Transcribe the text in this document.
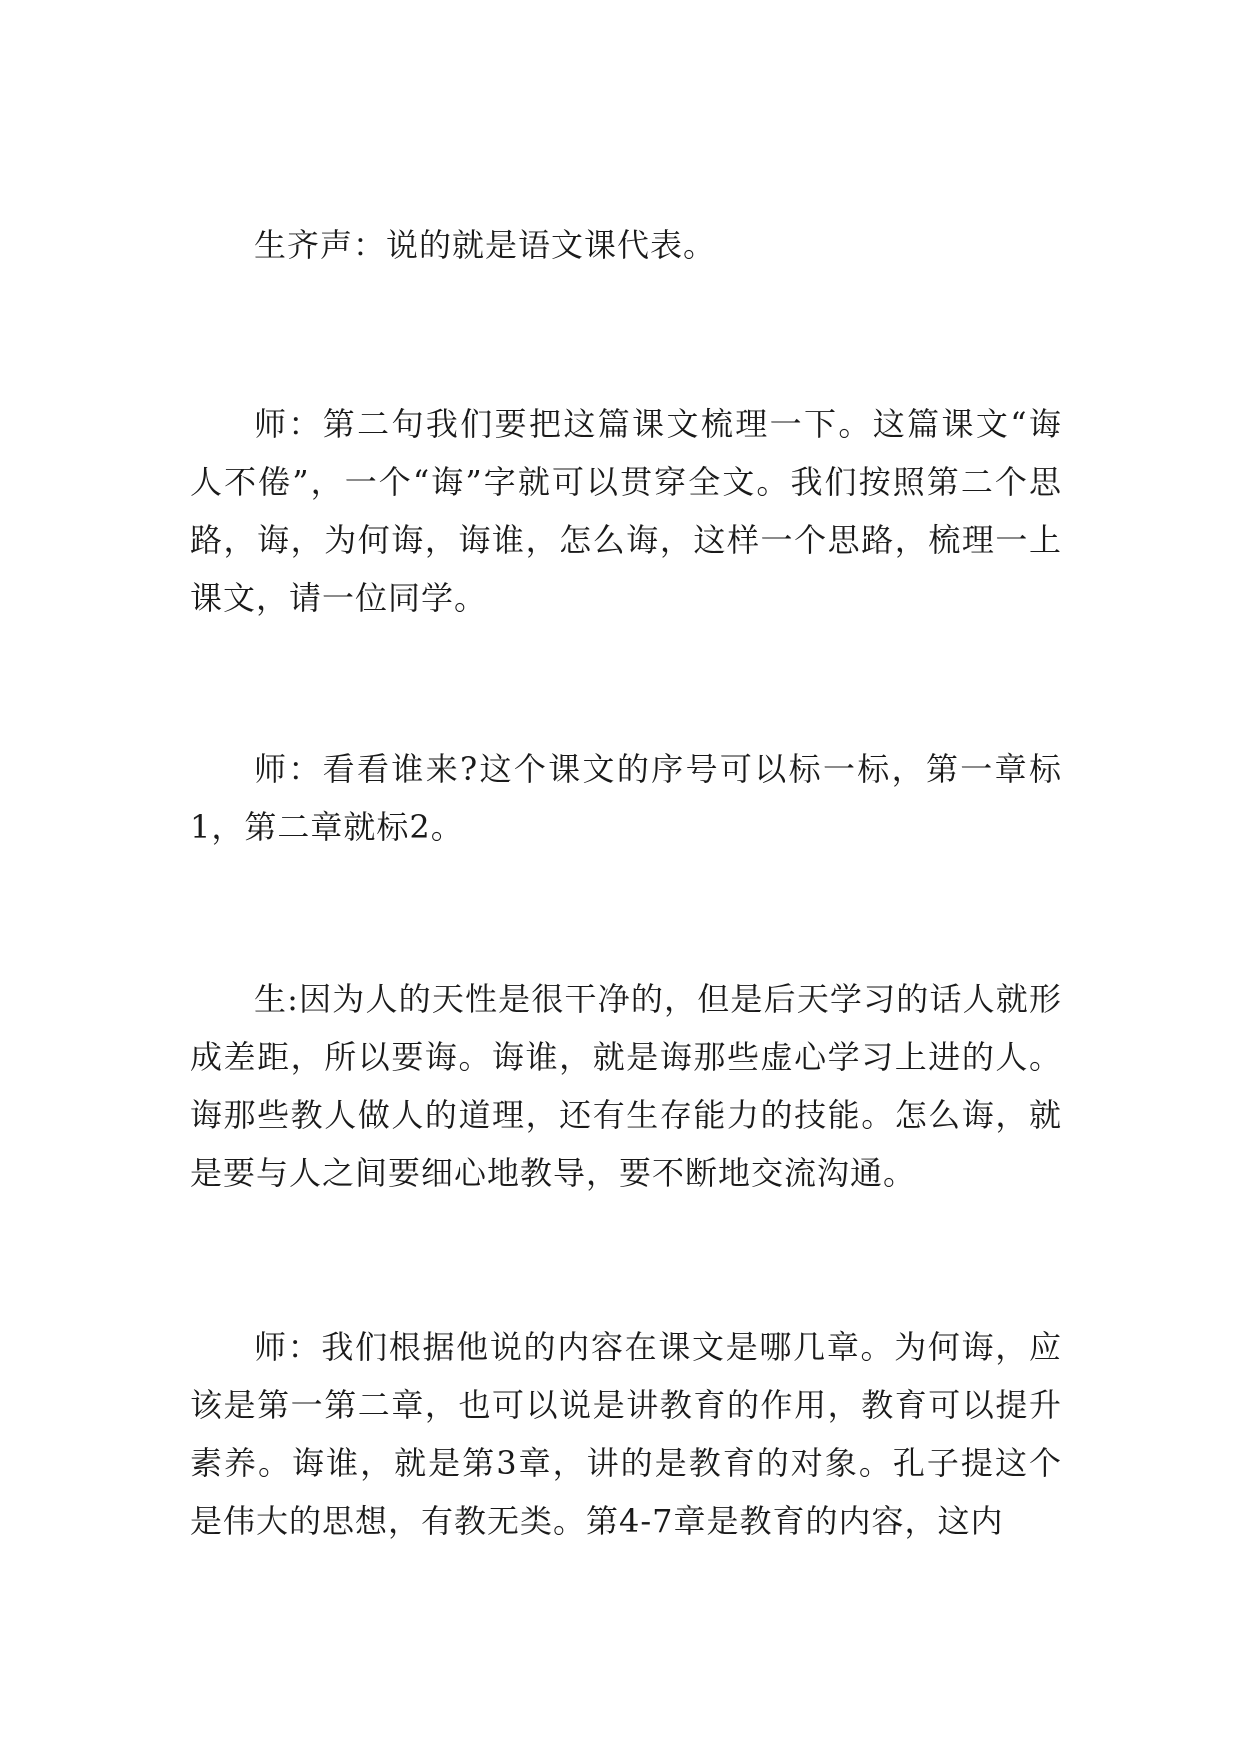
生齐声：说的就是语文课代表。

师：第二句我们要把这篇课文梳理一下。这篇课文“诲人不倦”，一个“诲”字就可以贯穿全文。我们按照第二个思路，诲，为何诲，诲谁，怎么诲，这样一个思路，梳理一上课文，请一位同学。

师：看看谁来?这个课文的序号可以标一标，第一章标1，第二章就标2。

生:因为人的天性是很干净的，但是后天学习的话人就形成差距，所以要诲。诲谁，就是诲那些虚心学习上进的人。诲那些教人做人的道理，还有生存能力的技能。怎么诲，就是要与人之间要细心地教导，要不断地交流沟通。

师：我们根据他说的内容在课文是哪几章。为何诲，应该是第一第二章，也可以说是讲教育的作用，教育可以提升素养。诲谁，就是第3章，讲的是教育的对象。孔子提这个是伟大的思想，有教无类。第4-7章是教育的内容，这内
